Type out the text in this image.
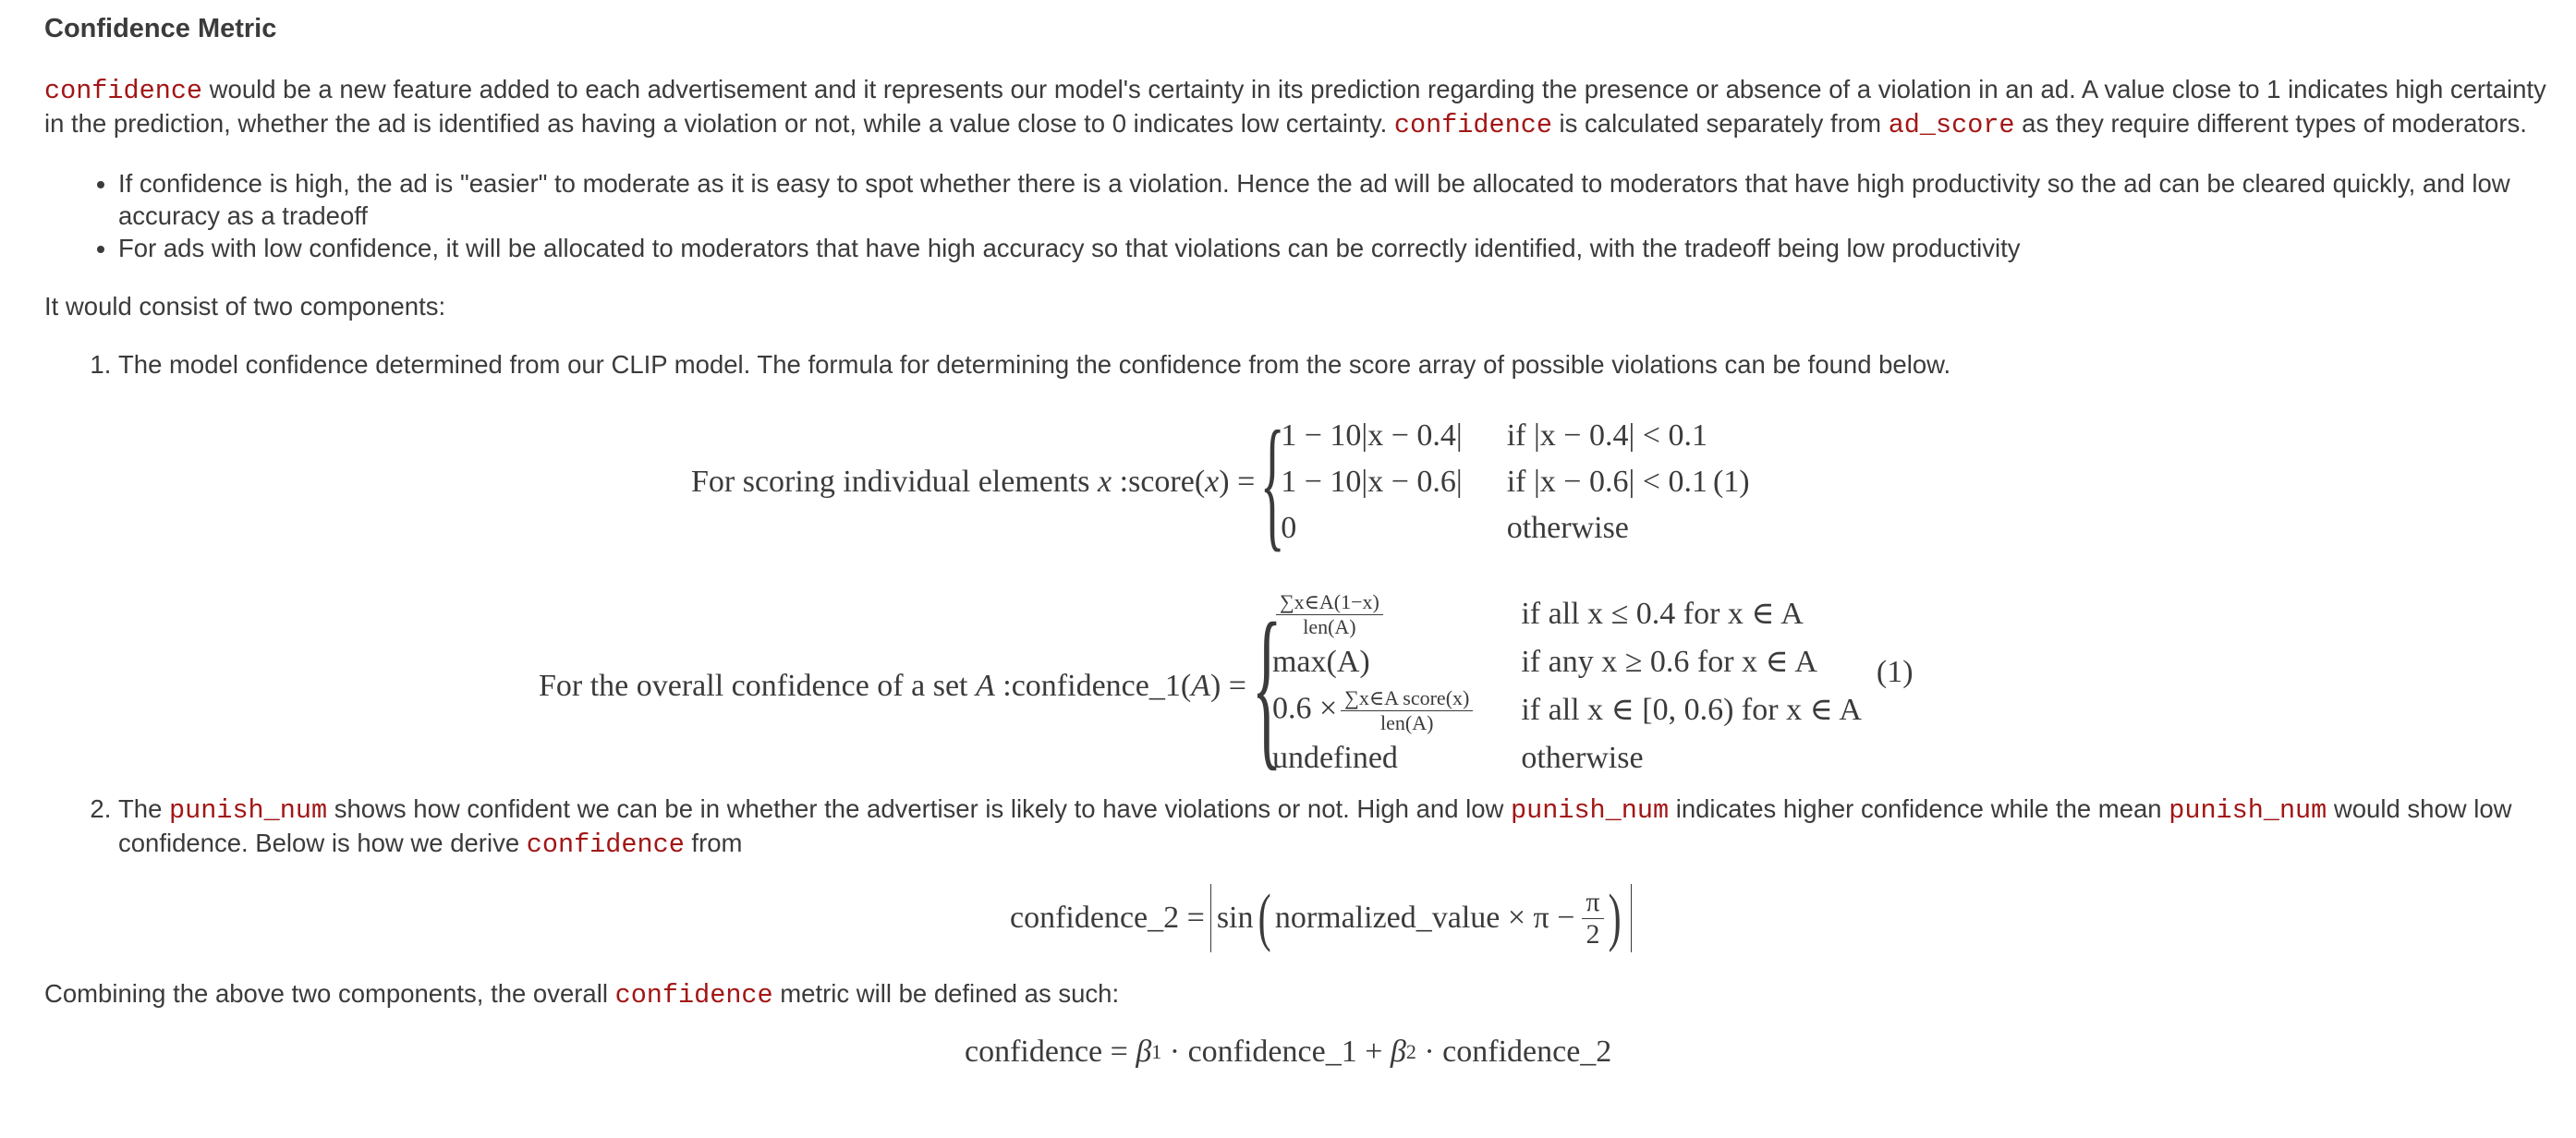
Confidence Metric

confidence would be a new feature added to each advertisement and it represents our model's certainty in its prediction regarding the presence or absence of a violation in an ad. A value close to 1 indicates high certainty in the prediction, whether the ad is identified as having a violation or not, while a value close to 0 indicates low certainty. confidence is calculated separately from ad_score as they require different types of moderators.

• If confidence is high, the ad is "easier" to moderate as it is easy to spot whether there is a violation. Hence the ad will be allocated to moderators that have high productivity so the ad can be cleared quickly, and low accuracy as a tradeoff
• For ads with low confidence, it will be allocated to moderators that have high accuracy so that violations can be correctly identified, with the tradeoff being low productivity

It would consist of two components:

1. The model confidence determined from our CLIP model. The formula for determining the confidence from the score array of possible violations can be found below.
For scoring individual elements x :score(x) = {
1 − 10|x − 0.4|	if |x − 0.4| < 0.1
1 − 10|x − 0.6|	if |x − 0.6| < 0.1 (1)
0	otherwise
For the overall confidence of a set A :confidence_1(A) = {
$\frac{\sum x\in A(1-x)}{\text{len(A)}}$	if all x ≤ 0.4 for x ∈ A
max(A)	if any x ≥ 0.6 for x ∈ A
$0.6 \times \frac{\text{∑x∈A score(x)}}{\text{len(A)}}$	if all x ∈ [0, 0.6) for x ∈ A
undefined	otherwise
(1)
2. The punish_num shows how confident we can be in whether the advertiser is likely to have violations or not. High and low punish_num indicates higher confidence while the mean punish_num would show low confidence. Below is how we derive confidence from
confidence_2 = sin ( normalized_value × $\pi - \frac{\pi}{2}$ )

Combining the above two components, the overall confidence metric will be defined as such:

confidence =
β 1 · confidence_1 + β 2 · confidence_2
